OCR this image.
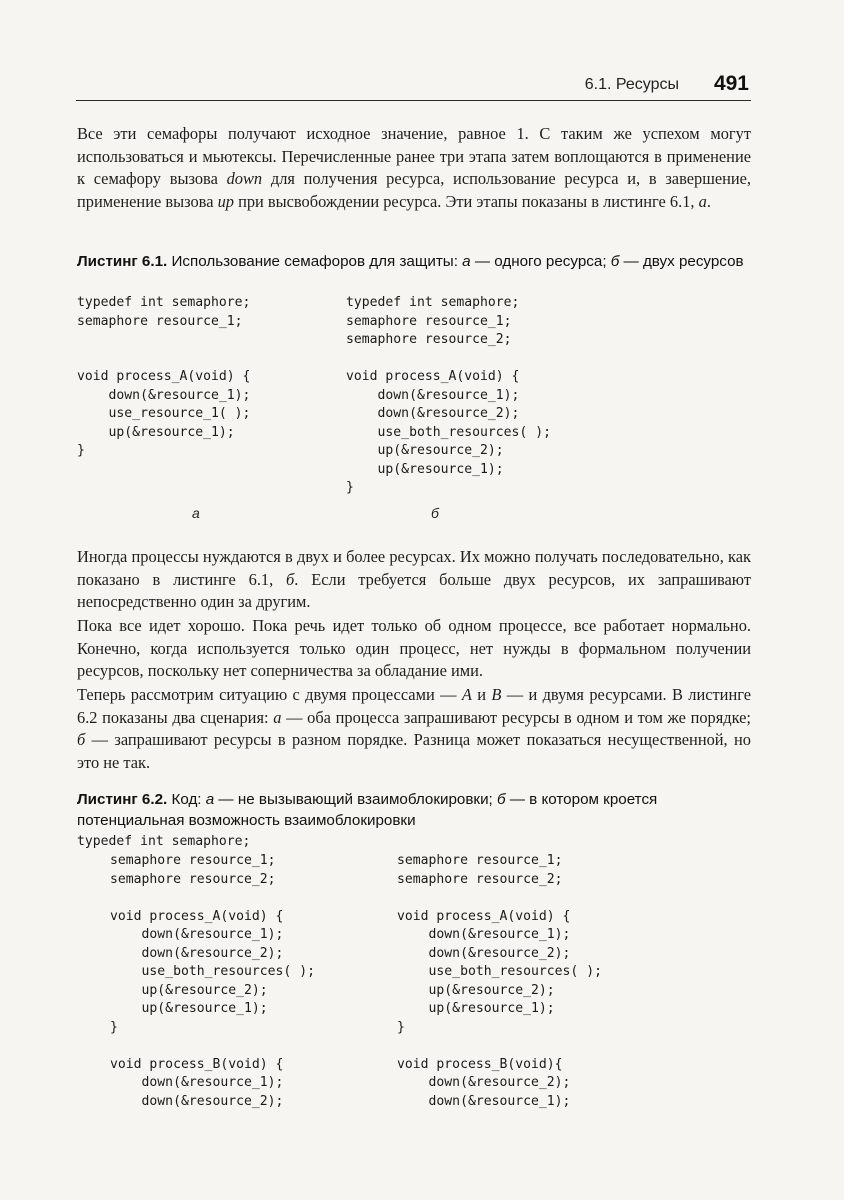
6.1. Ресурсы 491

Все эти семафоры получают исходное значение, равное 1. С таким же успехом могут использоваться и мьютексы. Перечисленные ранее три этапа затем воплощаются в применение к семафору вызова down для получения ресурса, использование ресурса и, в завершение, применение вызова up при высвобождении ресурса. Эти этапы показаны в листинге 6.1, а.

Листинг 6.1. Использование семафоров для защиты: а — одного ресурса; б — двух ресурсов

typedef int semaphore;
semaphore resource_1;

void process_A(void) {
down(&resource_1);
use_resource_1( );
up(&resource_1);
}
typedef int semaphore;
semaphore resource_1;
semaphore resource_2;

void process_A(void) {
down(&resource_1);
down(&resource_2);
use_both_resources( );
up(&resource_2);
up(&resource_1);
}
а	б

Иногда процессы нуждаются в двух и более ресурсах. Их можно получать последовательно, как показано в листинге 6.1, б. Если требуется больше двух ресурсов, их запрашивают непосредственно один за другим.

Пока все идет хорошо. Пока речь идет только об одном процессе, все работает нормально. Конечно, когда используется только один процесс, нет нужды в формальном получении ресурсов, поскольку нет соперничества за обладание ими.

Теперь рассмотрим ситуацию с двумя процессами — A и B — и двумя ресурсами. В листинге 6.2 показаны два сценария: а — оба процесса запрашивают ресурсы в одном и том же порядке; б — запрашивают ресурсы в разном порядке. Разница может показаться несущественной, но это не так.

Листинг 6.2. Код: а — не вызывающий взаимоблокировки; б — в котором кроется потенциальная возможность взаимоблокировки

typedef int semaphore;
semaphore resource_1;
semaphore resource_2;

void process_A(void) {
down(&resource_1);
down(&resource_2);
use_both_resources( );
up(&resource_2);
up(&resource_1);
}

void process_B(void) {
down(&resource_1);
down(&resource_2);
semaphore resource_1;
semaphore resource_2;

void process_A(void) {
down(&resource_1);
down(&resource_2);
use_both_resources( );
up(&resource_2);
up(&resource_1);
}

void process_B(void){
down(&resource_2);
down(&resource_1);
